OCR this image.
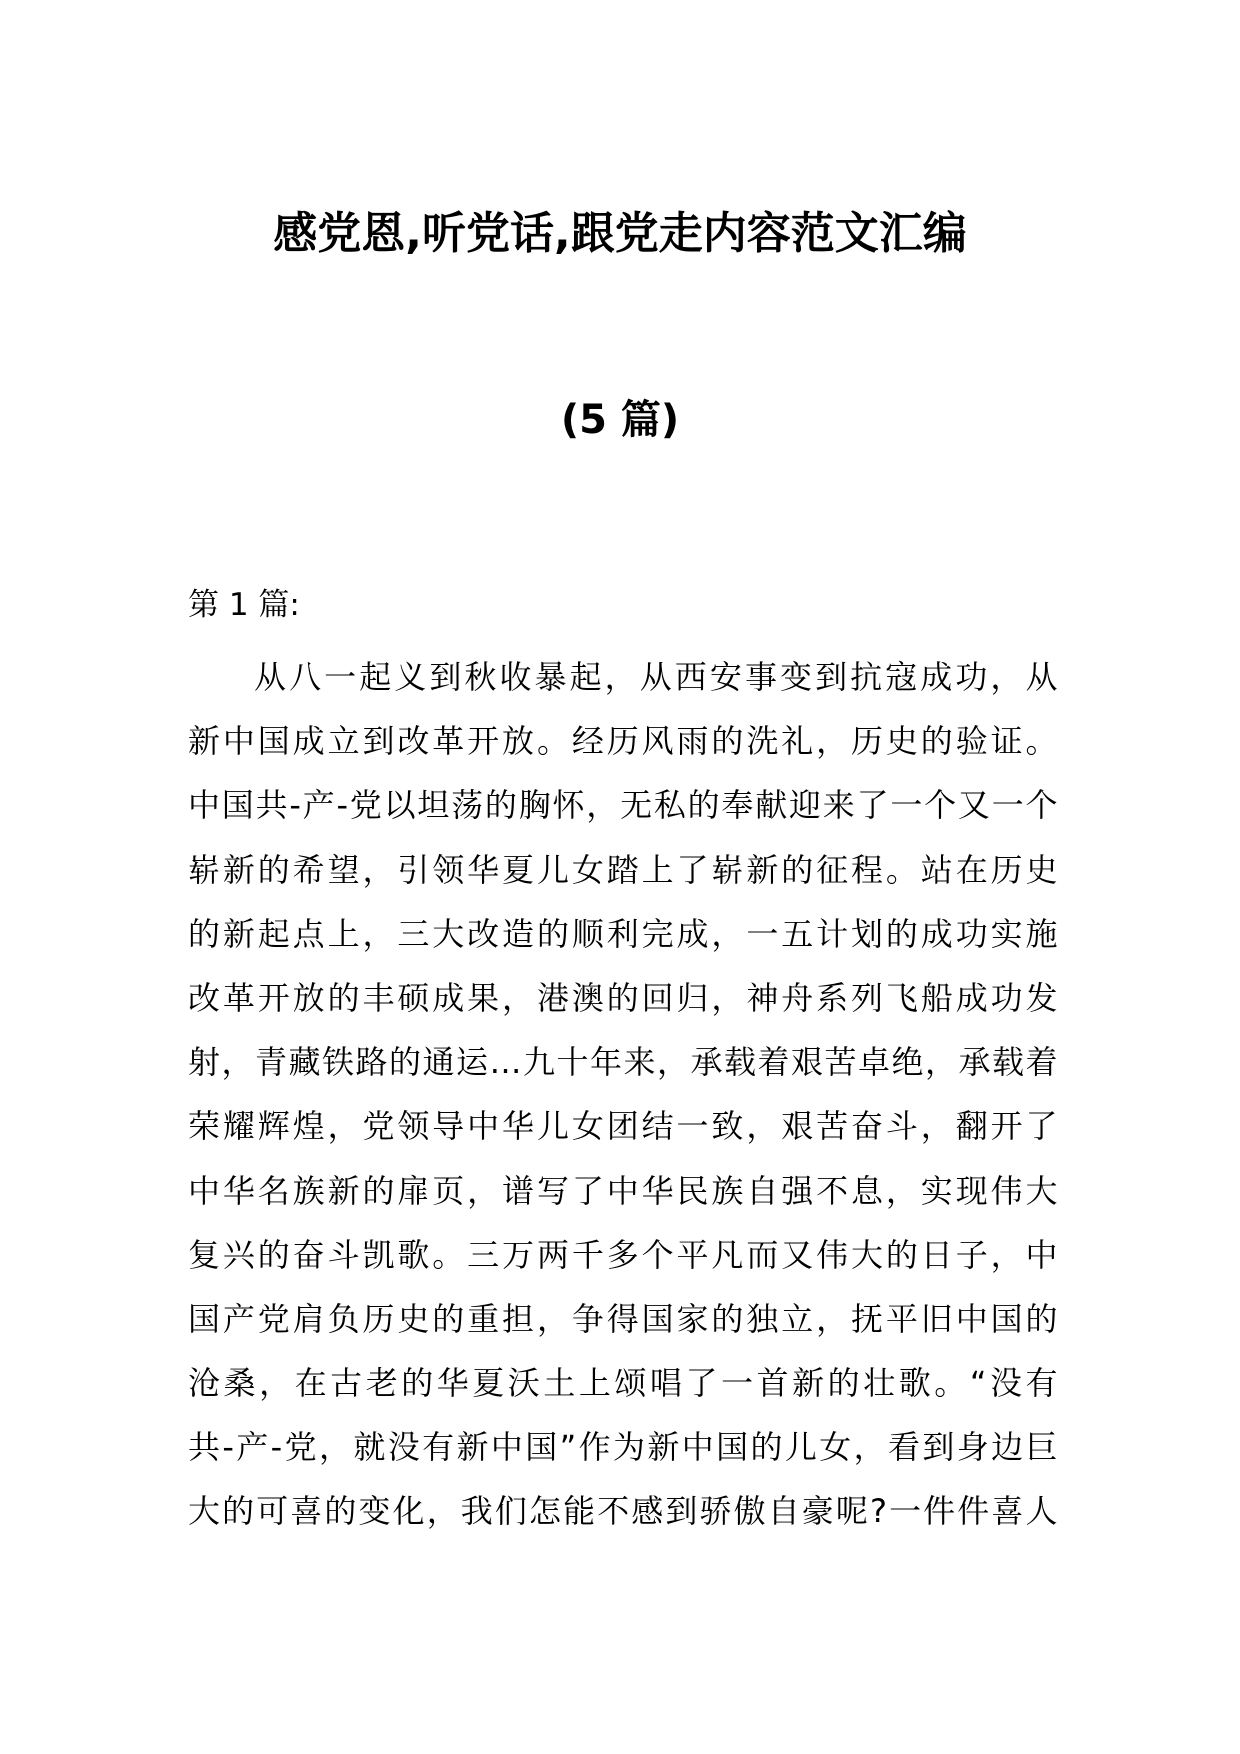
感党恩,听党话,跟党走内容范文汇编
(5 篇)

第 1 篇:

从八一起义到秋收暴起，从西安事变到抗寇成功，从
新中国成立到改革开放。经历风雨的洗礼，历史的验证。
中国共-产-党以坦荡的胸怀，无私的奉献迎来了一个又一个
崭新的希望，引领华夏儿女踏上了崭新的征程。站在历史
的新起点上，三大改造的顺利完成，一五计划的成功实施
改革开放的丰硕成果，港澳的回归，神舟系列飞船成功发
射，青藏铁路的通运…九十年来，承载着艰苦卓绝，承载着
荣耀辉煌，党领导中华儿女团结一致，艰苦奋斗，翻开了
中华名族新的扉页，谱写了中华民族自强不息，实现伟大
复兴的奋斗凯歌。三万两千多个平凡而又伟大的日子，中
国产党肩负历史的重担，争得国家的独立，抚平旧中国的
沧桑，在古老的华夏沃土上颂唱了一首新的壮歌。“没有
共-产-党，就没有新中国”作为新中国的儿女，看到身边巨
大的可喜的变化，我们怎能不感到骄傲自豪呢?一件件喜人
